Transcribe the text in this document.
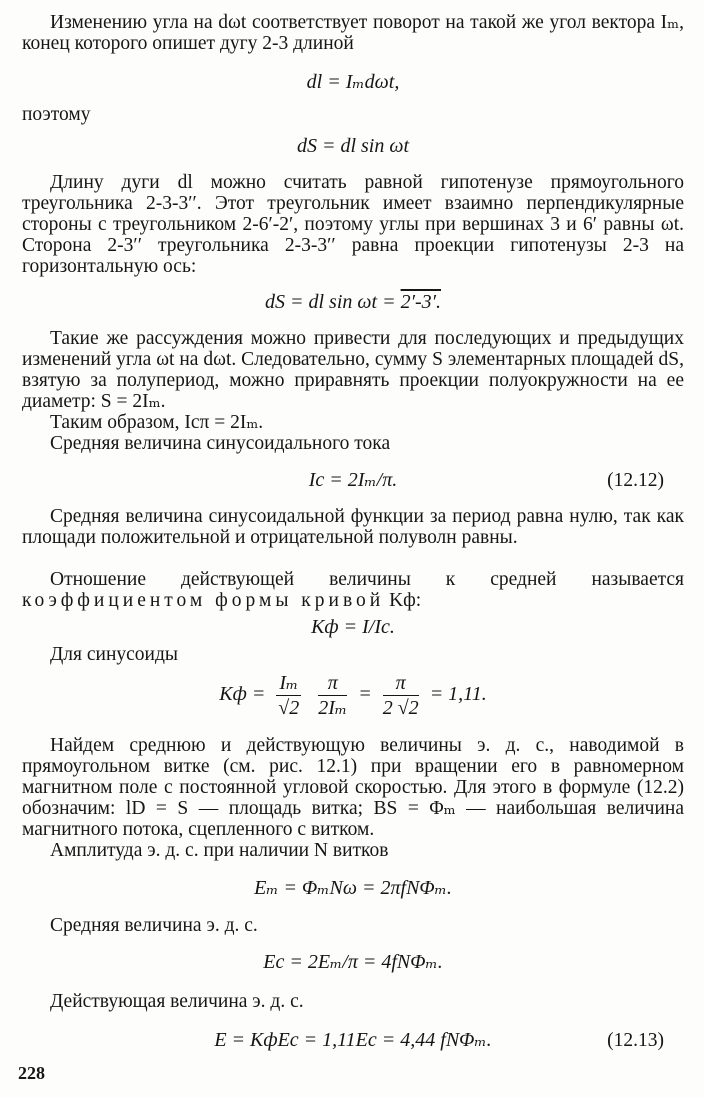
Изменению угла на dωt соответствует поворот на такой же угол вектора Iₘ, конец которого опишет дугу 2-3 длиной

dl = Iₘdωt,

поэтому

dS = dl sin ωt

Длину дуги dl можно считать равной гипотенузе прямоугольного треугольника 2-3-3′′. Этот треугольник имеет взаимно перпендикулярные стороны с треугольником 2-6′-2′, поэтому углы при вершинах 3 и 6′ равны ωt. Сторона 2-3′′ треугольника 2-3-3′′ равна проекции гипотенузы 2-3 на горизонтальную ось:

dS = dl sin ωt = 2′-3′.

Такие же рассуждения можно привести для последующих и предыдущих изменений угла ωt на dωt. Следовательно, сумму S элементарных площадей dS, взятую за полупериод, можно приравнять проекции полуокружности на ее диаметр: S = 2Iₘ.

Таким образом, Iсπ = 2Iₘ.

Средняя величина синусоидального тока

Iс = 2Iₘ/π.	(12.12)

Средняя величина синусоидальной функции за период равна нулю, так как площади положительной и отрицательной полуволн равны.

Отношение действующей величины к средней называется коэффициентом формы кривой Kф:

Kф = I/Iс.

Для синусоиды

Kф = $\frac{\text{Iₘ}}{√2}$
$\frac{\pi}{\text{2Iₘ}} = \frac{\pi}{2 √2} = 1,11$.

Найдем среднюю и действующую величины э. д. с., наводимой в прямоугольном витке (см. рис. 12.1) при вращении его в равномерном магнитном поле с постоянной угловой скоростью. Для этого в формуле (12.2) обозначим: lD = S — площадь витка; BS = Φₘ — наибольшая величина магнитного потока, сцепленного с витком.

Амплитуда э. д. с. при наличии N витков

Eₘ = ΦₘNω = 2πfNΦₘ.

Средняя величина э. д. с.

Eс = 2Eₘ/π = 4fNΦₘ.

Действующая величина э. д. с.

E = KфEс = 1,11Eс = 4,44 fNΦₘ.	(12.13)
228
